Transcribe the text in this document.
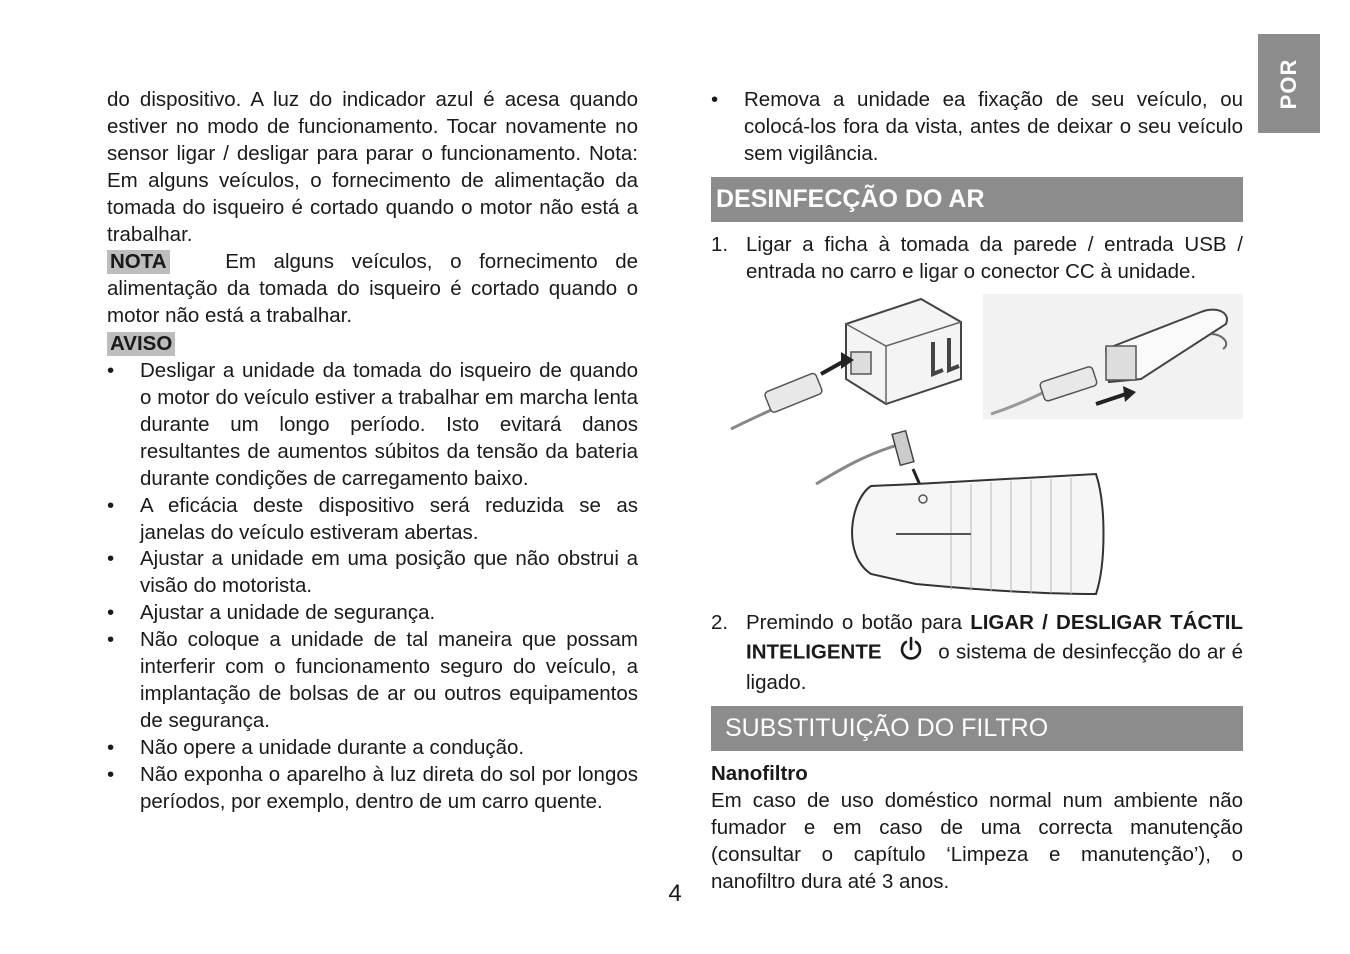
POR
do dispositivo. A luz do indicador azul é acesa quando estiver no modo de funcionamento. Tocar novamente no sensor ligar / desligar para parar o funcionamento. Nota: Em alguns veículos, o fornecimento de alimentação da tomada do isqueiro é cortado quando o motor não está a trabalhar.
NOTA	Em alguns veículos, o fornecimento de alimentação da tomada do isqueiro é cortado quando o motor não está a trabalhar.
AVISO
• Desligar a unidade da tomada do isqueiro de quando o motor do veículo estiver a trabalhar em marcha lenta durante um longo período. Isto evitará danos resultantes de aumentos súbitos da tensão da bateria durante condições de carregamento baixo.
• A eficácia deste dispositivo será reduzida se as janelas do veículo estiveram abertas.
• Ajustar a unidade em uma posição que não obstrui a visão do motorista.
• Ajustar a unidade de segurança.
• Não coloque a unidade de tal maneira que possam interferir com o funcionamento seguro do veículo, a implantação de bolsas de ar ou outros equipamentos de segurança.
• Não opere a unidade durante a condução.
• Não exponha o aparelho à luz direta do sol por longos períodos, por exemplo, dentro de um carro quente.
• Remova a unidade ea fixação de seu veículo, ou colocá-los fora da vista, antes de deixar o seu veículo sem vigilância.
DESINFECÇÃO DO AR
1. Ligar a ficha à tomada da parede / entrada USB / entrada no carro e ligar o conector CC à unidade.
2. Premindo o botão para LIGAR / DESLIGAR TÁCTIL INTELIGENTE	o sistema de desinfecção do ar é ligado.
SUBSTITUIÇÃO DO FILTRO
Nanofiltro
Em caso de uso doméstico normal num ambiente não fumador e em caso de uma correcta manutenção (consultar o capítulo ‘Limpeza e manutenção’), o nanofiltro dura até 3 anos.
4
